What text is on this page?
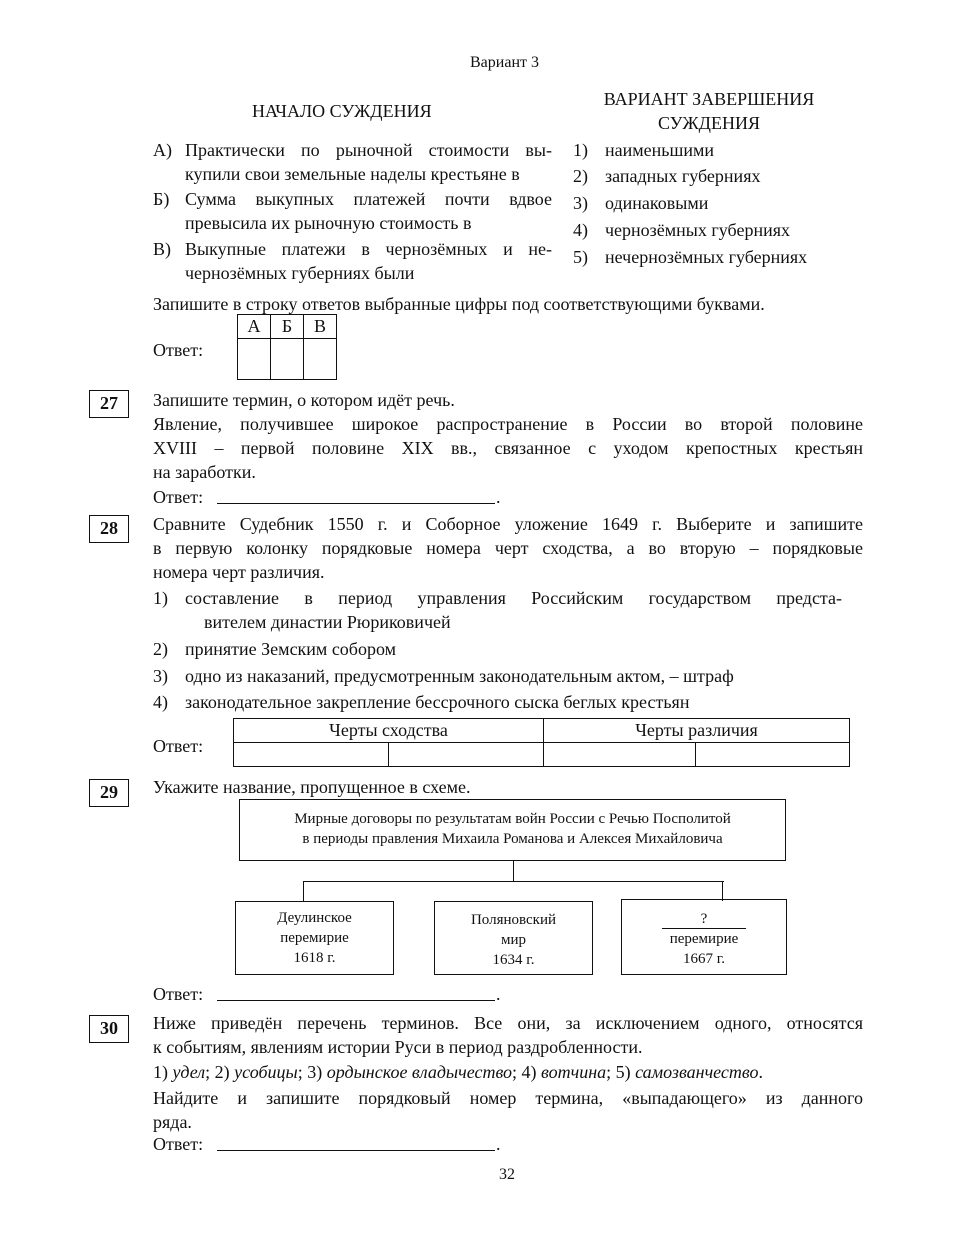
Вариант 3
НАЧАЛО СУЖДЕНИЯ
ВАРИАНТ ЗАВЕРШЕНИЯ
СУЖДЕНИЯ
А) Практически по рыночной стоимости вы-
купили свои земельные наделы крестьяне в
Б) Сумма выкупных платежей почти вдвое
превысила их рыночную стоимость в
В) Выкупные платежи в чернозёмных и не-
чернозёмных губерниях были
1) наименьшими
2) западных губерниях
3) одинаковыми
4) чернозёмных губерниях
5) нечернозёмных губерниях
Запишите в строку ответов выбранные цифры под соответствующими буквами.
Ответ:
А	Б	В
27	Запишите термин, о котором идёт речь.
Явление, получившее широкое распространение в России во второй половине
XVIII – первой половине XIX вв., связанное с уходом крепостных крестьян
на заработки.
Ответ:	.
28	Сравните Судебник 1550 г. и Соборное уложение 1649 г. Выберите и запишите
в первую колонку порядковые номера черт сходства, а во вторую – порядковые
номера черт различия.
1) составление в период управления Российским государством предста-
вителем династии Рюриковичей
2) принятие Земским собором
3) одно из наказаний, предусмотренным законодательным актом, – штраф
4) законодательное закрепление бессрочного сыска беглых крестьян
Ответ:
Черты сходства	Черты различия
29	Укажите название, пропущенное в схеме.
Мирные договоры по результатам войн России с Речью Посполитой
в периоды правления Михаила Романова и Алексея Михайловича
Деулинское
перемирие
1618 г.
Поляновский
мир
1634 г.
?
перемирие
1667 г.
Ответ:	.
30	Ниже приведён перечень терминов. Все они, за исключением одного, относятся
к событиям, явлениям истории Руси в период раздробленности.
1) удел; 2) усобицы; 3) ордынское владычество; 4) вотчина; 5) самозванчество.
Найдите и запишите порядковый номер термина, «выпадающего» из данного
ряда.
Ответ:	.
32
